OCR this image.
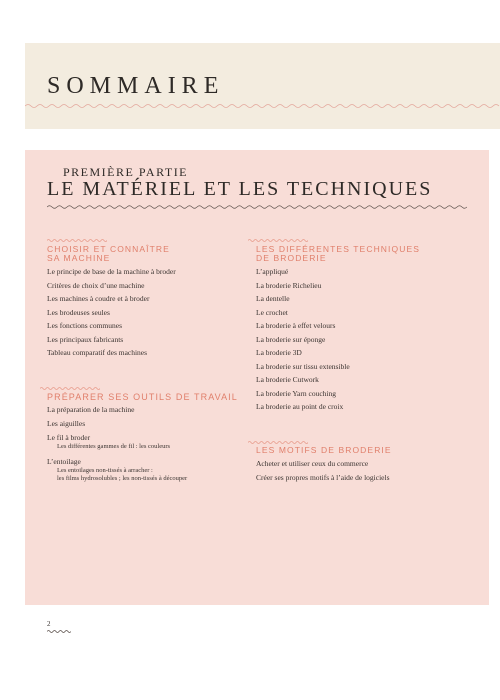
SOMMAIRE
PREMIÈRE PARTIE
LE MATÉRIEL ET LES TECHNIQUES
CHOISIR ET CONNAÎTRE
SA MACHINE
Le principe de base de la machine à broder
Critères de choix d’une machine
Les machines à coudre et à broder
Les brodeuses seules
Les fonctions communes
Les principaux fabricants
Tableau comparatif des machines
PRÉPARER SES OUTILS DE TRAVAIL
La préparation de la machine
Les aiguilles
Le fil à broder
Les différentes gammes de fil : les couleurs
L’entoilage
Les entoilages non-tissés à arracher :
les films hydrosolubles ; les non-tissés à découper
LES DIFFÉRENTES TECHNIQUES
DE BRODERIE
L’appliqué
La broderie Richelieu
La dentelle
Le crochet
La broderie à effet velours
La broderie sur éponge
La broderie 3D
La broderie sur tissu extensible
La broderie Cutwork
La broderie Yarn couching
La broderie au point de croix
LES MOTIFS DE BRODERIE
Acheter et utiliser ceux du commerce
Créer ses propres motifs à l’aide de logiciels
2
